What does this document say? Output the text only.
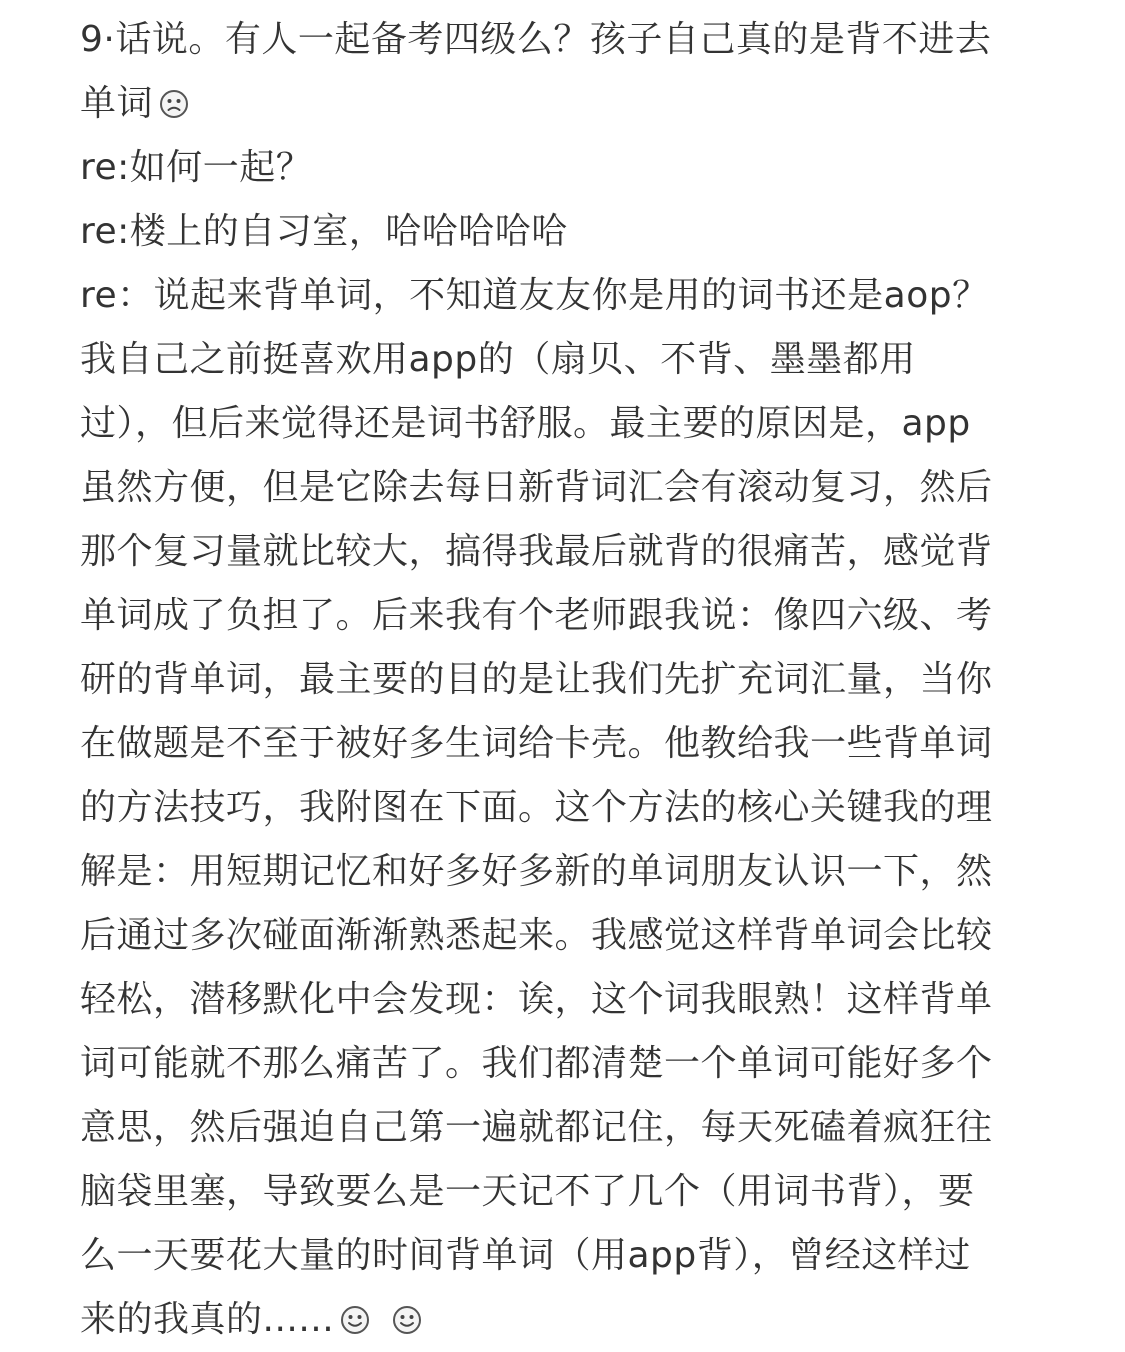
9·话说。有人一起备考四级么？孩子自己真的是背不进去
单词
re:如何一起？
re:楼上的自习室，哈哈哈哈哈
re：说起来背单词，不知道友友你是用的词书还是aop？
我自己之前挺喜欢用app的（扇贝、不背、墨墨都用
过），但后来觉得还是词书舒服。最主要的原因是，app
虽然方便，但是它除去每日新背词汇会有滚动复习，然后
那个复习量就比较大，搞得我最后就背的很痛苦，感觉背
单词成了负担了。后来我有个老师跟我说：像四六级、考
研的背单词，最主要的目的是让我们先扩充词汇量，当你
在做题是不至于被好多生词给卡壳。他教给我一些背单词
的方法技巧，我附图在下面。这个方法的核心关键我的理
解是：用短期记忆和好多好多新的单词朋友认识一下，然
后通过多次碰面渐渐熟悉起来。我感觉这样背单词会比较
轻松，潜移默化中会发现：诶，这个词我眼熟！这样背单
词可能就不那么痛苦了。我们都清楚一个单词可能好多个
意思，然后强迫自己第一遍就都记住，每天死磕着疯狂往
脑袋里塞，导致要么是一天记不了几个（用词书背），要
么一天要花大量的时间背单词（用app背），曾经这样过
来的我真的......
